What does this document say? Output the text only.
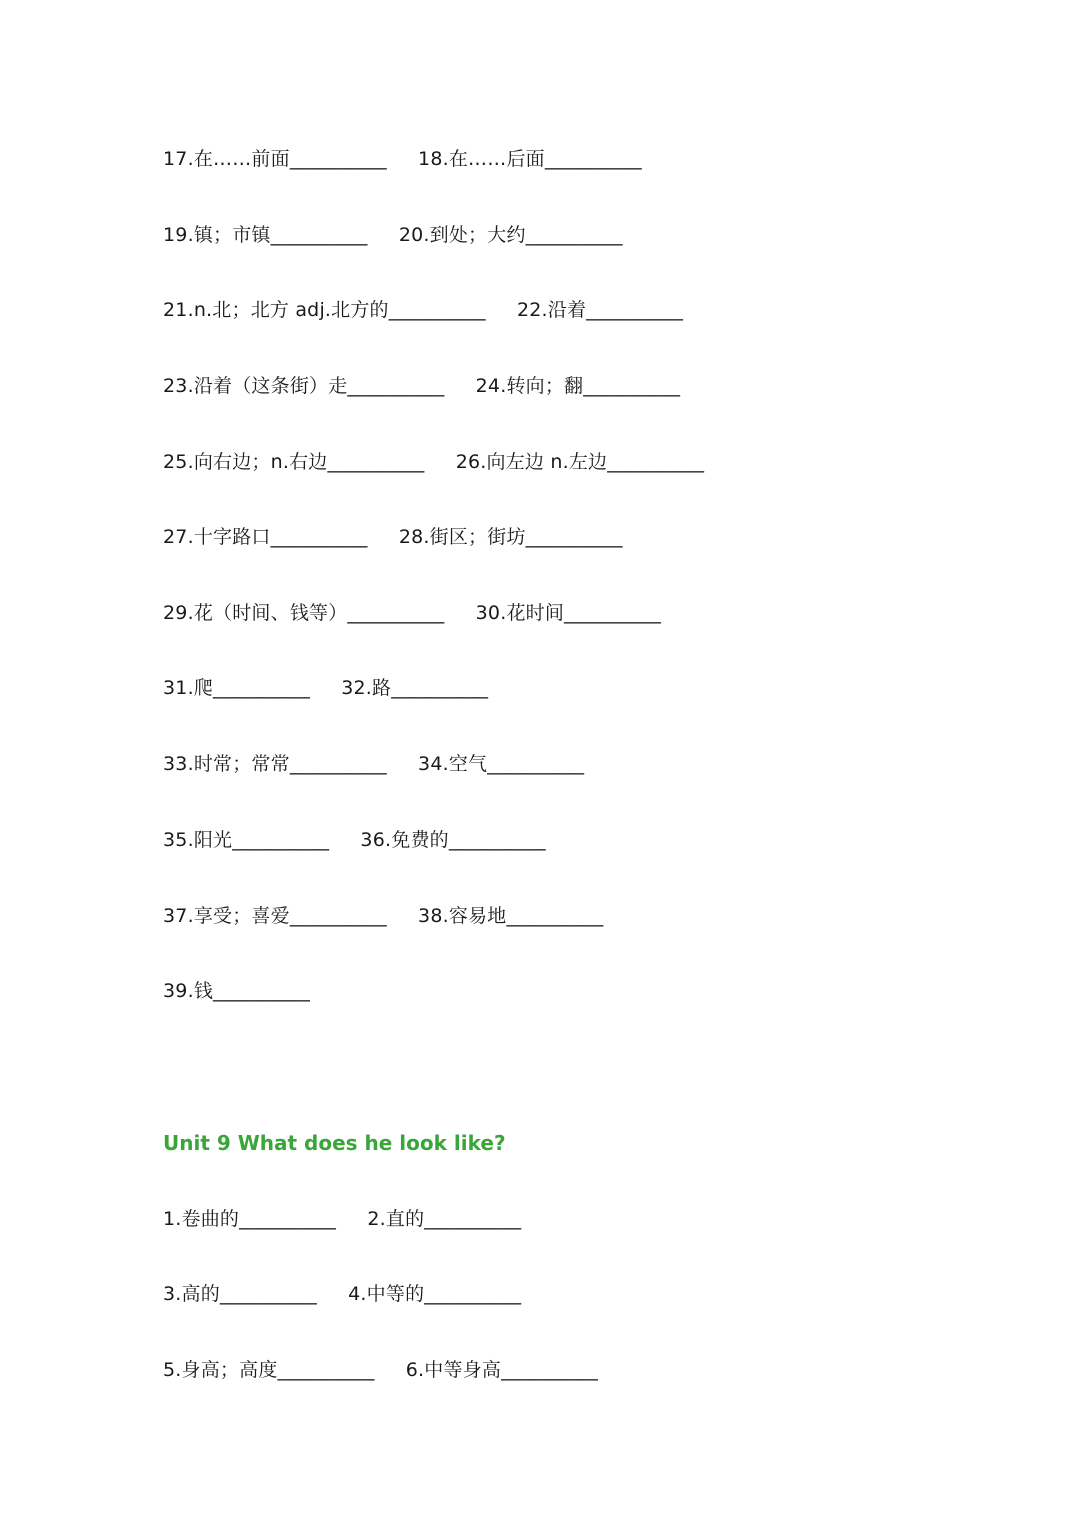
17.在……前面__________ 18.在……后面__________
19.镇；市镇__________ 20.到处；大约__________
21.n.北；北方 adj.北方的__________ 22.沿着__________
23.沿着（这条街）走__________ 24.转向；翻__________
25.向右边；n.右边__________ 26.向左边 n.左边__________
27.十字路口__________ 28.街区；街坊__________
29.花（时间、钱等）__________ 30.花时间__________
31.爬__________ 32.路__________
33.时常；常常__________ 34.空气__________
35.阳光__________ 36.免费的__________
37.享受；喜爱__________ 38.容易地__________
39.钱__________
Unit 9 What does he look like?
1.卷曲的__________ 2.直的__________
3.高的__________ 4.中等的__________
5.身高；高度__________ 6.中等身高__________
